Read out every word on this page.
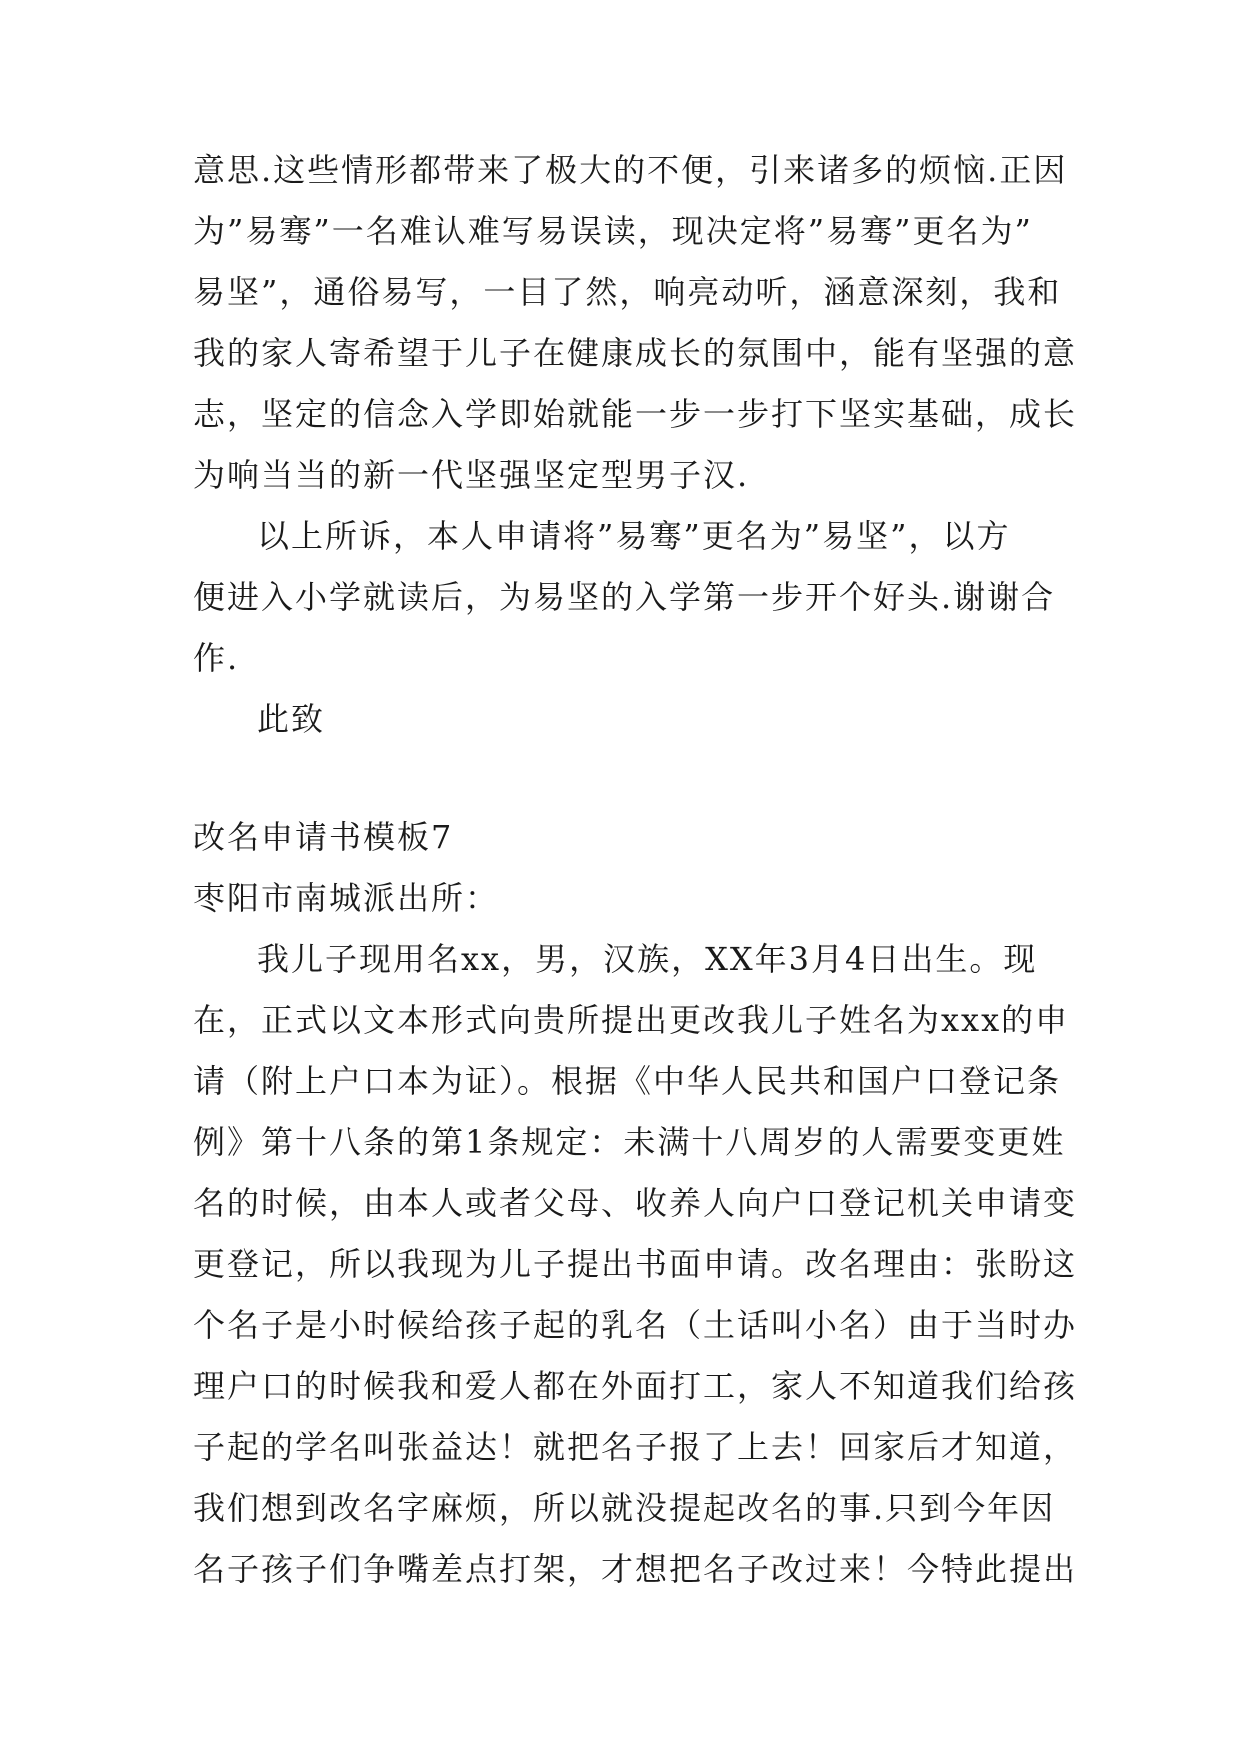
意思.这些情形都带来了极大的不便，引来诸多的烦恼.正因
为”易骞”一名难认难写易误读，现决定将”易骞”更名为”
易坚”，通俗易写，一目了然，响亮动听，涵意深刻，我和
我的家人寄希望于儿子在健康成长的氛围中，能有坚强的意
志，坚定的信念入学即始就能一步一步打下坚实基础，成长
为响当当的新一代坚强坚定型男子汉.
以上所诉，本人申请将”易骞”更名为”易坚”，以方
便进入小学就读后，为易坚的入学第一步开个好头.谢谢合
作.
此致
改名申请书模板7
枣阳市南城派出所：
我儿子现用名xx，男，汉族，XX年3月4日出生。现
在，正式以文本形式向贵所提出更改我儿子姓名为xxx的申
请（附上户口本为证）。根据《中华人民共和国户口登记条
例》第十八条的第1条规定：未满十八周岁的人需要变更姓
名的时候，由本人或者父母、收养人向户口登记机关申请变
更登记，所以我现为儿子提出书面申请。改名理由：张盼这
个名子是小时候给孩子起的乳名（土话叫小名）由于当时办
理户口的时候我和爱人都在外面打工，家人不知道我们给孩
子起的学名叫张益达！就把名子报了上去！回家后才知道，
我们想到改名字麻烦，所以就没提起改名的事.只到今年因
名子孩子们争嘴差点打架，才想把名子改过来！今特此提出
